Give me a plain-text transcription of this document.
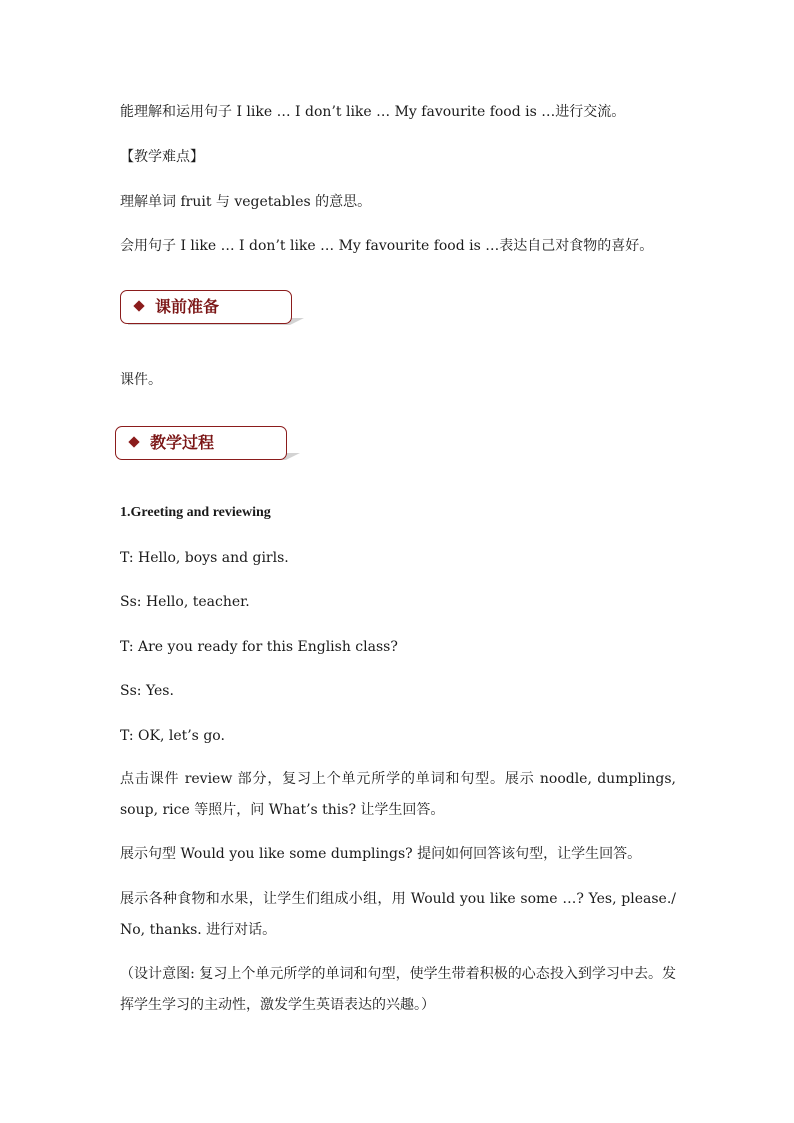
能理解和运用句子 I like … I don’t like … My favourite food is …进行交流。

【教学难点】

理解单词 fruit 与 vegetables 的意思。

会用句子 I like … I don’t like … My favourite food is …表达自己对食物的喜好。

课前准备

课件。

教学过程

1.Greeting and reviewing

T: Hello, boys and girls.

Ss: Hello, teacher.

T: Are you ready for this English class?

Ss: Yes.

T: OK, let’s go.

点击课件 review 部分，复习上个单元所学的单词和句型。展示 noodle, dumplings, soup, rice 等照片，问 What’s this? 让学生回答。

展示句型 Would you like some dumplings? 提问如何回答该句型，让学生回答。

展示各种食物和水果，让学生们组成小组，用 Would you like some …? Yes, please./ No, thanks. 进行对话。

（设计意图: 复习上个单元所学的单词和句型，使学生带着积极的心态投入到学习中去。发挥学生学习的主动性，激发学生英语表达的兴趣。）
